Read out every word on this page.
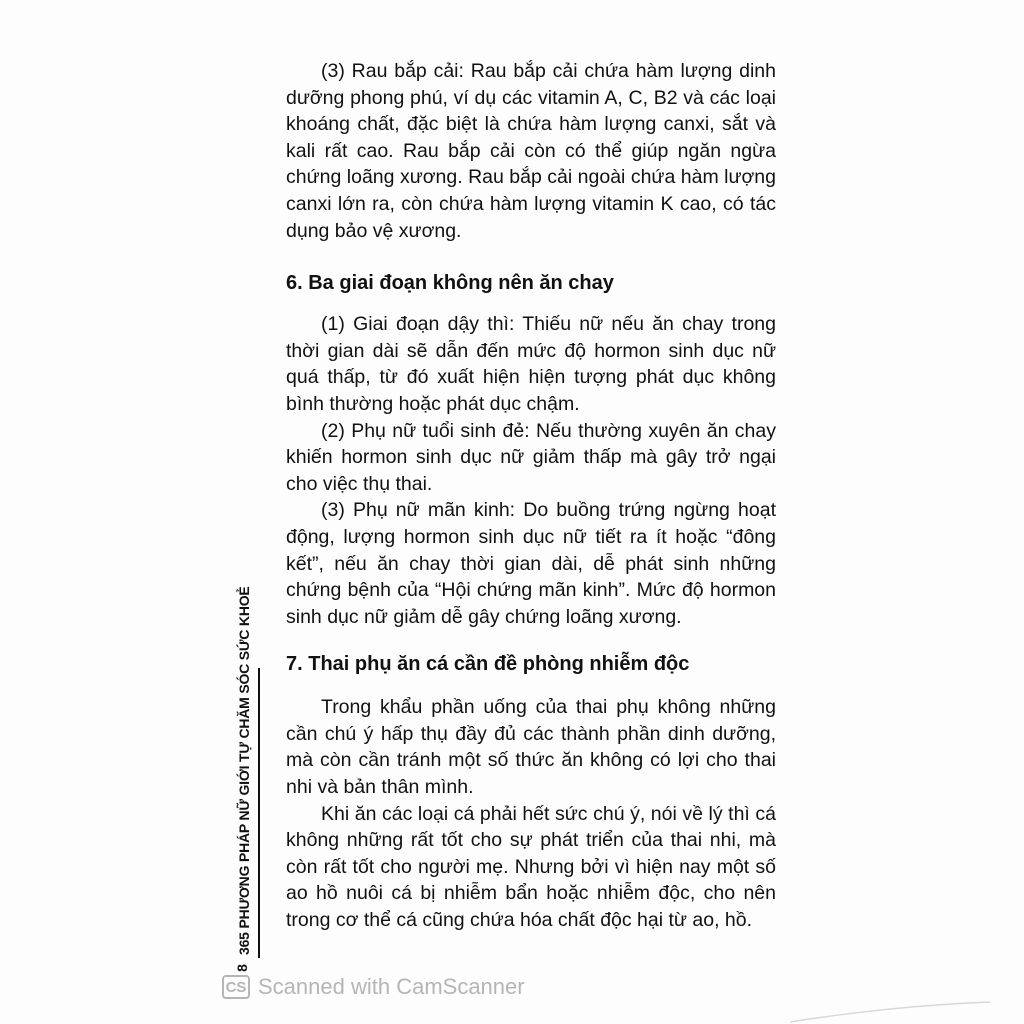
(3) Rau bắp cải: Rau bắp cải chứa hàm lượng dinh dưỡng phong phú, ví dụ các vitamin A, C, B2 và các loại khoáng chất, đặc biệt là chứa hàm lượng canxi, sắt và kali rất cao. Rau bắp cải còn có thể giúp ngăn ngừa chứng loãng xương. Rau bắp cải ngoài chứa hàm lượng canxi lớn ra, còn chứa hàm lượng vitamin K cao, có tác dụng bảo vệ xương.

6. Ba giai đoạn không nên ăn chay

(1) Giai đoạn dậy thì: Thiếu nữ nếu ăn chay trong thời gian dài sẽ dẫn đến mức độ hormon sinh dục nữ quá thấp, từ đó xuất hiện hiện tượng phát dục không bình thường hoặc phát dục chậm.

(2) Phụ nữ tuổi sinh đẻ: Nếu thường xuyên ăn chay khiến hormon sinh dục nữ giảm thấp mà gây trở ngại cho việc thụ thai.

(3) Phụ nữ mãn kinh: Do buồng trứng ngừng hoạt động, lượng hormon sinh dục nữ tiết ra ít hoặc “đông kết”, nếu ăn chay thời gian dài, dễ phát sinh những chứng bệnh của “Hội chứng mãn kinh”. Mức độ hormon sinh dục nữ giảm dễ gây chứng loãng xương.

7. Thai phụ ăn cá cần đề phòng nhiễm độc

Trong khẩu phần uống của thai phụ không những cần chú ý hấp thụ đầy đủ các thành phần dinh dưỡng, mà còn cần tránh một số thức ăn không có lợi cho thai nhi và bản thân mình.

Khi ăn các loại cá phải hết sức chú ý, nói về lý thì cá không những rất tốt cho sự phát triển của thai nhi, mà còn rất tốt cho người mẹ. Nhưng bởi vì hiện nay một số ao hồ nuôi cá bị nhiễm bẩn hoặc nhiễm độc, cho nên trong cơ thể cá cũng chứa hóa chất độc hại từ ao, hồ.

365 PHƯƠNG PHÁP NỮ GIỚI TỰ CHĂM SÓC SỨC KHOẺ
8
CS Scanned with CamScanner
